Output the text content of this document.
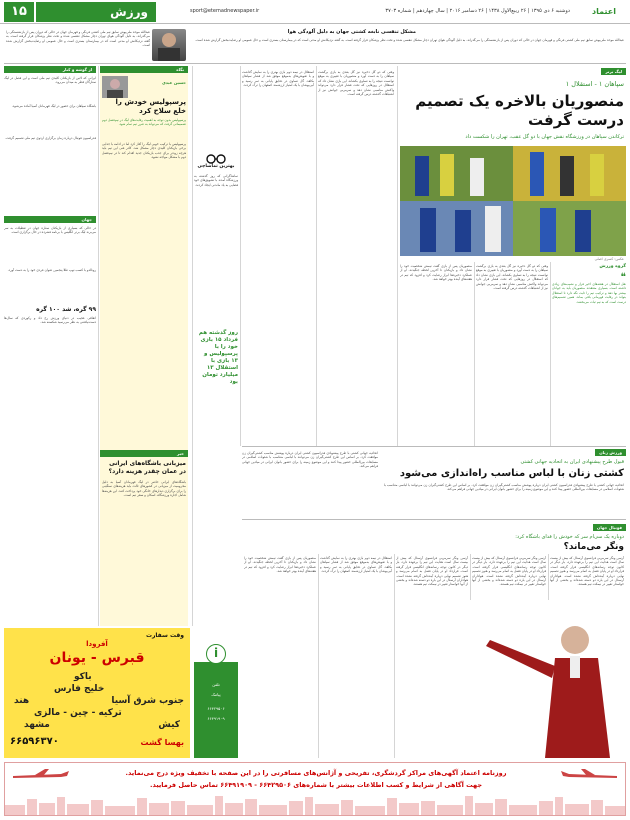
۱۵	ورزش	sport@etemadnewspaper.ir	دوشنبه ۶ دی ۱۳۹۵ | ۲۶ ربیع‌الاول ۱۴۳۸ | ۲۶ دسامبر ۲۰۱۶ | سال چهاردهم | شماره ۳۷۰۳	اعتماد
مشکل تنفسی نابغه کشتی جهان به دلیل آلودگی هوا
عبدالله موحد ملی‌پوش سابق تیم ملی کشتی فرنگی و قهرمان جهان در حالی که دوران پس از بازنشستگی را می‌گذراند، به دلیل آلودگی هوای تهران دچار مشکل تنفسی شده و تحت نظر پزشکان قرار گرفته است. به گفته نزدیکانش او مدتی است که در بیمارستان بستری است و حال عمومی او رضایت‌بخش گزارش شده است.
عبدالله موحد ملی‌پوش سابق تیم ملی کشتی فرنگی و قهرمان جهان در حالی که دوران پس از بازنشستگی را می‌گذراند، به دلیل آلودگی هوای تهران دچار مشکل تنفسی شده و تحت نظر پزشکان قرار گرفته است. به گفته نزدیکانش او مدتی است که در بیمارستان بستری است و حال عمومی او رضایت‌بخش گزارش شده است.
از گوشه و کنار
ایرانی که لاتین از بازیکنان کلیدی تیم ملی است و این فصل در لیگ ستارگان قطر به میدان می‌رود.
باشگاه سپاهان برای حضور در لیگ قهرمانان آسیا آماده می‌شود.
فدراسیون فوتبال درباره زمان برگزاری اردوی تیم ملی تصمیم گرفت.
جهان
در حالی که بسیاری از بازیکنان ستاره جهان در تعطیلات به سر می‌برند لیگ برتر انگلیس با برنامه فشرده در حال برگزاری است.
رونالدو با کسب توپ طلا پنجمین عنوان فردی خود را به دست آورد.
۹۹ گره، شد ۱۰۰ گره
اتفاقی عجیب در دنیای ورزش رخ داد و رکوردی که سال‌ها دست‌نیافتنی به نظر می‌رسید شکسته شد.
نگاه
حسین عبدی
پرسپولیس خودش را خلع سلاح کرد
پرسپولیس بدون توجه به اهمیت رقابت‌های لیگ در نیم‌فصل دوم تصمیماتی گرفت که می‌تواند به ضرر تیم تمام شود.
پرسپولیس با ترکیب خوبی لیگ را آغاز کرد اما در ادامه با جدایی برخی بازیکنان کلیدی دچار مشکل شد. کادر فنی این تیم باید هرچه زودتر برای جذب بازیکنان جدید اقدام کند تا در نیم‌فصل دوم با مشکل مواجه نشود.
خبر
میزبانی باشگاه‌های ایرانی در عمان چقدر هزینه دارد؟
باشگاه‌های ایرانی حاضر در لیگ قهرمانان آسیا به دلیل محرومیت از میزبانی در کشورهای ثالث باید هزینه‌های سنگینی را برای برگزاری دیدارهای خانگی خود پرداخت کنند. این هزینه‌ها شامل اجاره ورزشگاه، اسکان و سفر تیم است.
بهترین تماشاچی
تماشاگرانی که روز گذشته به ورزشگاه آمدند با تشویق‌های خود فضایی به یاد ماندنی ایجاد کردند.
روز گذشته هم فرداد ۱۵ بازی خود را با پرسپولیس و ۱۳ بازی با استقلال ۱۳ میلیارد تومان بود
استقلال در نیمه دوم بازی بهتری را به نمایش گذاشت و با تعویض‌های به‌موقع موفق شد از فشار سپاهان بکاهد. گل تساوی در دقایق پایانی به ثمر رسید و آبی‌پوشان با یک امتیاز ارزشمند اصفهان را ترک کردند.
وقتی که دو گل ذخیره نیز گل بعدی به بازی برگشت سپاهان را به دست آورد و منصوریان با تغییری به موقع توانست نتیجه را به تساوی بکشاند. این بازی نشان داد که استقلال در روزهایی که تحت فشار قرار دارد می‌تواند واکنش مناسبی نشان دهد و سرمربی جوانش نیز از اشتباهات گذشته درس گرفته است.
لیگ برتر
سپاهان ۱ - استقلال ۱
منصوریان بالاخره یک تصمیم درست گرفت
ترکاندن سپاهان در ورزشگاه نقش جهان با دو گل عقب، تهران را شکست داد
عکس: کسری اصلی
منصوریان پس از بازی گفت تیمش شخصیت خود را نشان داد و بازیکنان تا آخرین لحظه جنگیدند. او از عملکرد ذخیره‌ها ابراز رضایت کرد و افزود که تیم در هفته‌های آینده بهتر خواهد شد.
وقتی که دو گل ذخیره نیز گل بعدی به بازی برگشت سپاهان را به دست آورد و منصوریان با تغییری به موقع توانست نتیجه را به تساوی بکشاند. این بازی نشان داد که استقلال در روزهایی که تحت فشار قرار دارد می‌تواند واکنش مناسبی نشان دهد و سرمربی جوانش نیز از اشتباهات گذشته درس گرفته است.
گروه ورزش
❝
نقل استقلال در هفته‌های اخیر فراز و نشیب‌های زیادی داشته است. بسیاری معتقدند منصوریان باید به جوانان بیشتر بها دهد و ترکیب تیم را ثابت نگه دارد تا استقلال بتواند در رقابت قهرمانی باقی بماند. همین تصمیم‌های درست است که به تیم ثبات می‌بخشد.
ورزش زنان
قبول طرح پیشنهادی ایران به اتحادیه جهانی کشتی
کشتی زنان با لباس مناسب راه‌اندازی می‌شود
اتحادیه جهانی کشتی با طرح پیشنهادی فدراسیون کشتی ایران درباره پوشش مناسب کشتی‌گیران زن موافقت کرد. بر اساس این طرح کشتی‌گیران زن می‌توانند با لباسی متناسب با شئونات اسلامی در مسابقات بین‌المللی حضور پیدا کنند و این موضوع زمینه را برای حضور بانوان ایرانی در میادین جهانی فراهم می‌کند.
اتحادیه جهانی کشتی با طرح پیشنهادی فدراسیون کشتی ایران درباره پوشش مناسب کشتی‌گیران زن موافقت کرد. بر اساس این طرح کشتی‌گیران زن می‌توانند با لباسی متناسب با شئونات اسلامی در مسابقات بین‌المللی حضور پیدا کنند و این موضوع زمینه را برای حضور بانوان ایرانی در میادین جهانی فراهم می‌کند.
فوتبال جهان
دوباره یک سی‌ام سر که خودش را فدای باشگاه کرد:
ونگر می‌ماند؟
آرسن ونگر سرمربی فرانسوی آرسنال که بیش از بیست سال است هدایت این تیم را برعهده دارد، بار دیگر در کانون توجه رسانه‌های انگلیسی قرار گرفته است. قرارداد او در پایان فصل به اتمام می‌رسد و هنوز تصمیم نهایی درباره آینده‌اش گرفته نشده است. هواداران آرسنال در این باره دو دسته شده‌اند و بخشی از آنها خواستار تغییر در نیمکت تیم هستند.
آرسن ونگر سرمربی فرانسوی آرسنال که بیش از بیست سال است هدایت این تیم را برعهده دارد، بار دیگر در کانون توجه رسانه‌های انگلیسی قرار گرفته است. قرارداد او در پایان فصل به اتمام می‌رسد و هنوز تصمیم نهایی درباره آینده‌اش گرفته نشده است. هواداران آرسنال در این باره دو دسته شده‌اند و بخشی از آنها خواستار تغییر در نیمکت تیم هستند.
آرسن ونگر سرمربی فرانسوی آرسنال که بیش از بیست سال است هدایت این تیم را برعهده دارد، بار دیگر در کانون توجه رسانه‌های انگلیسی قرار گرفته است. قرارداد او در پایان فصل به اتمام می‌رسد و هنوز تصمیم نهایی درباره آینده‌اش گرفته نشده است. هواداران آرسنال در این باره دو دسته شده‌اند و بخشی از آنها خواستار تغییر در نیمکت تیم هستند.
استقلال در نیمه دوم بازی بهتری را به نمایش گذاشت و با تعویض‌های به‌موقع موفق شد از فشار سپاهان بکاهد. گل تساوی در دقایق پایانی به ثمر رسید و آبی‌پوشان با یک امتیاز ارزشمند اصفهان را ترک کردند.
منصوریان پس از بازی گفت تیمش شخصیت خود را نشان داد و بازیکنان تا آخرین لحظه جنگیدند. او از عملکرد ذخیره‌ها ابراز رضایت کرد و افزود که تیم در هفته‌های آینده بهتر خواهد شد.
وقت سفارت
آفرودا
قبرس - یونان
باکو
خلیج فارس
جنوب شرق آسیا
هند
ترکیه - چین - مالزی
کیش
مشهد
بهسا گشت
۶۶۵۹۶۳۷۰
i
تلفن
پیامک
۶۶۴۲۹۵۰۶
۶۶۴۹۱۹۰۹
روزنامه اعتماد آگهی‌های مراکز گردشگری، تفریحی و آژانس‌های مسافرتی را در این صفحه با تخفیف ویژه درج می‌نماید.
جهت آگاهی از شرایط و کسب اطلاعات بیشتر با شماره‌های ۶۶۴۲۹۵۰۶ - ۶۶۴۹۱۹۰۹ تماس حاصل فرمایید.
